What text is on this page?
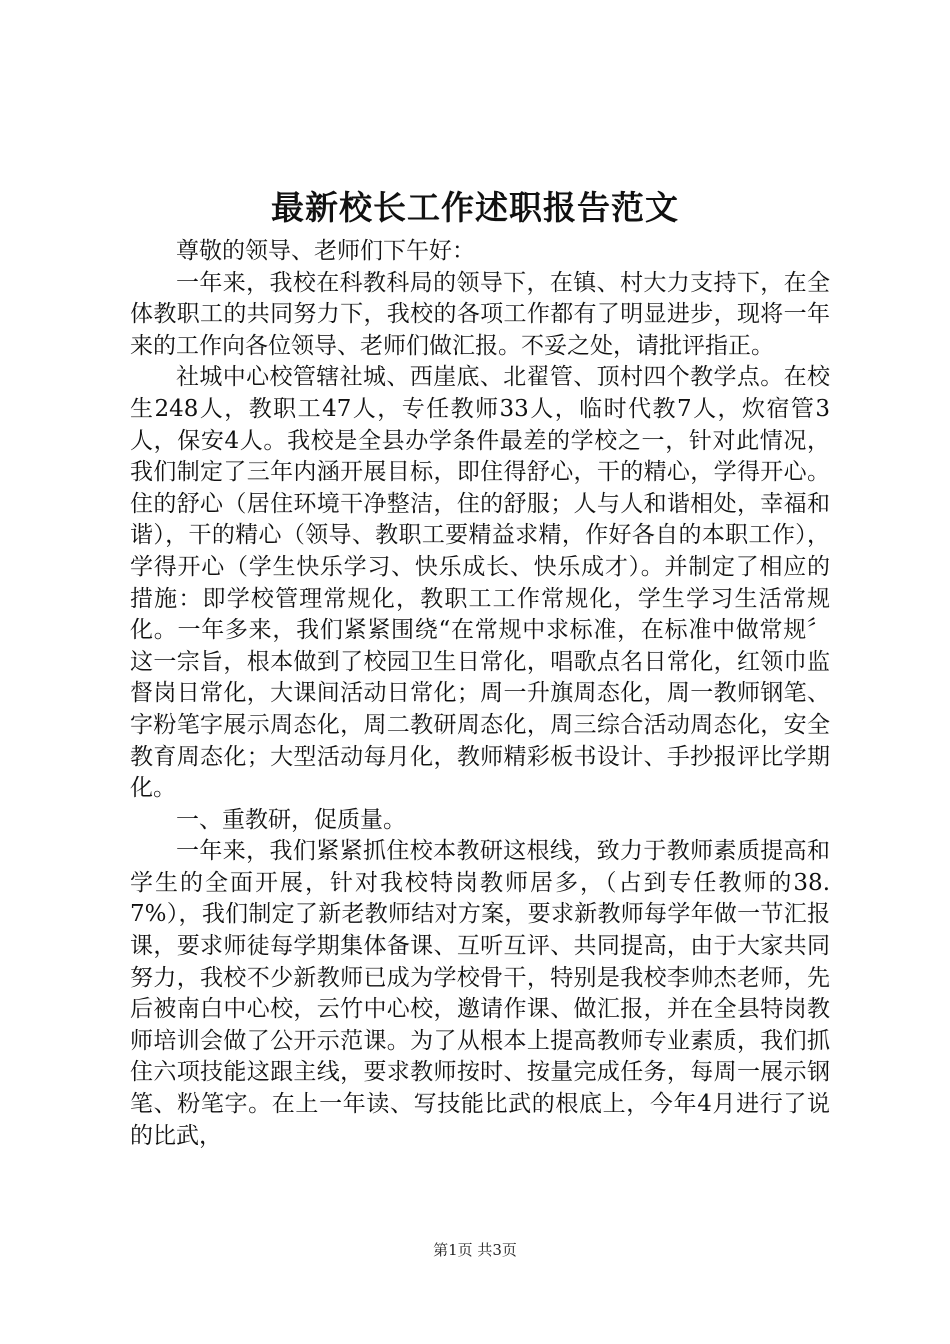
最新校长工作述职报告范文

尊敬的领导、老师们下午好：

一年来，我校在科教科局的领导下，在镇、村大力支持下，在全体教职工的共同努力下，我校的各项工作都有了明显进步，现将一年来的工作向各位领导、老师们做汇报。不妥之处，请批评指正。

社城中心校管辖社城、西崖底、北翟管、顶村四个教学点。在校生248人，教职工47人，专任教师33人，临时代教7人，炊宿管3人，保安4人。我校是全县办学条件最差的学校之一，针对此情况，我们制定了三年内涵开展目标，即住得舒心，干的精心，学得开心。住的舒心（居住环境干净整洁，住的舒服；人与人和谐相处，幸福和谐），干的精心（领导、教职工要精益求精，作好各自的本职工作），学得开心（学生快乐学习、快乐成长、快乐成才）。并制定了相应的措施：即学校管理常规化，教职工工作常规化，学生学习生活常规化。一年多来，我们紧紧围绕“在常规中求标准，在标准中做常规〞这一宗旨，根本做到了校园卫生日常化，唱歌点名日常化，红领巾监督岗日常化，大课间活动日常化；周一升旗周态化，周一教师钢笔、字粉笔字展示周态化，周二教研周态化，周三综合活动周态化，安全教育周态化；大型活动每月化，教师精彩板书设计、手抄报评比学期化。

一、重教研，促质量。

一年来，我们紧紧抓住校本教研这根线，致力于教师素质提高和学生的全面开展，针对我校特岗教师居多，（占到专任教师的38.7%），我们制定了新老教师结对方案，要求新教师每学年做一节汇报课，要求师徒每学期集体备课、互听互评、共同提高，由于大家共同努力，我校不少新教师已成为学校骨干，特别是我校李帅杰老师，先后被南白中心校，云竹中心校，邀请作课、做汇报，并在全县特岗教师培训会做了公开示范课。为了从根本上提高教师专业素质，我们抓住六项技能这跟主线，要求教师按时、按量完成任务，每周一展示钢笔、粉笔字。在上一年读、写技能比武的根底上，今年4月进行了说的比武，

第1页 共3页
